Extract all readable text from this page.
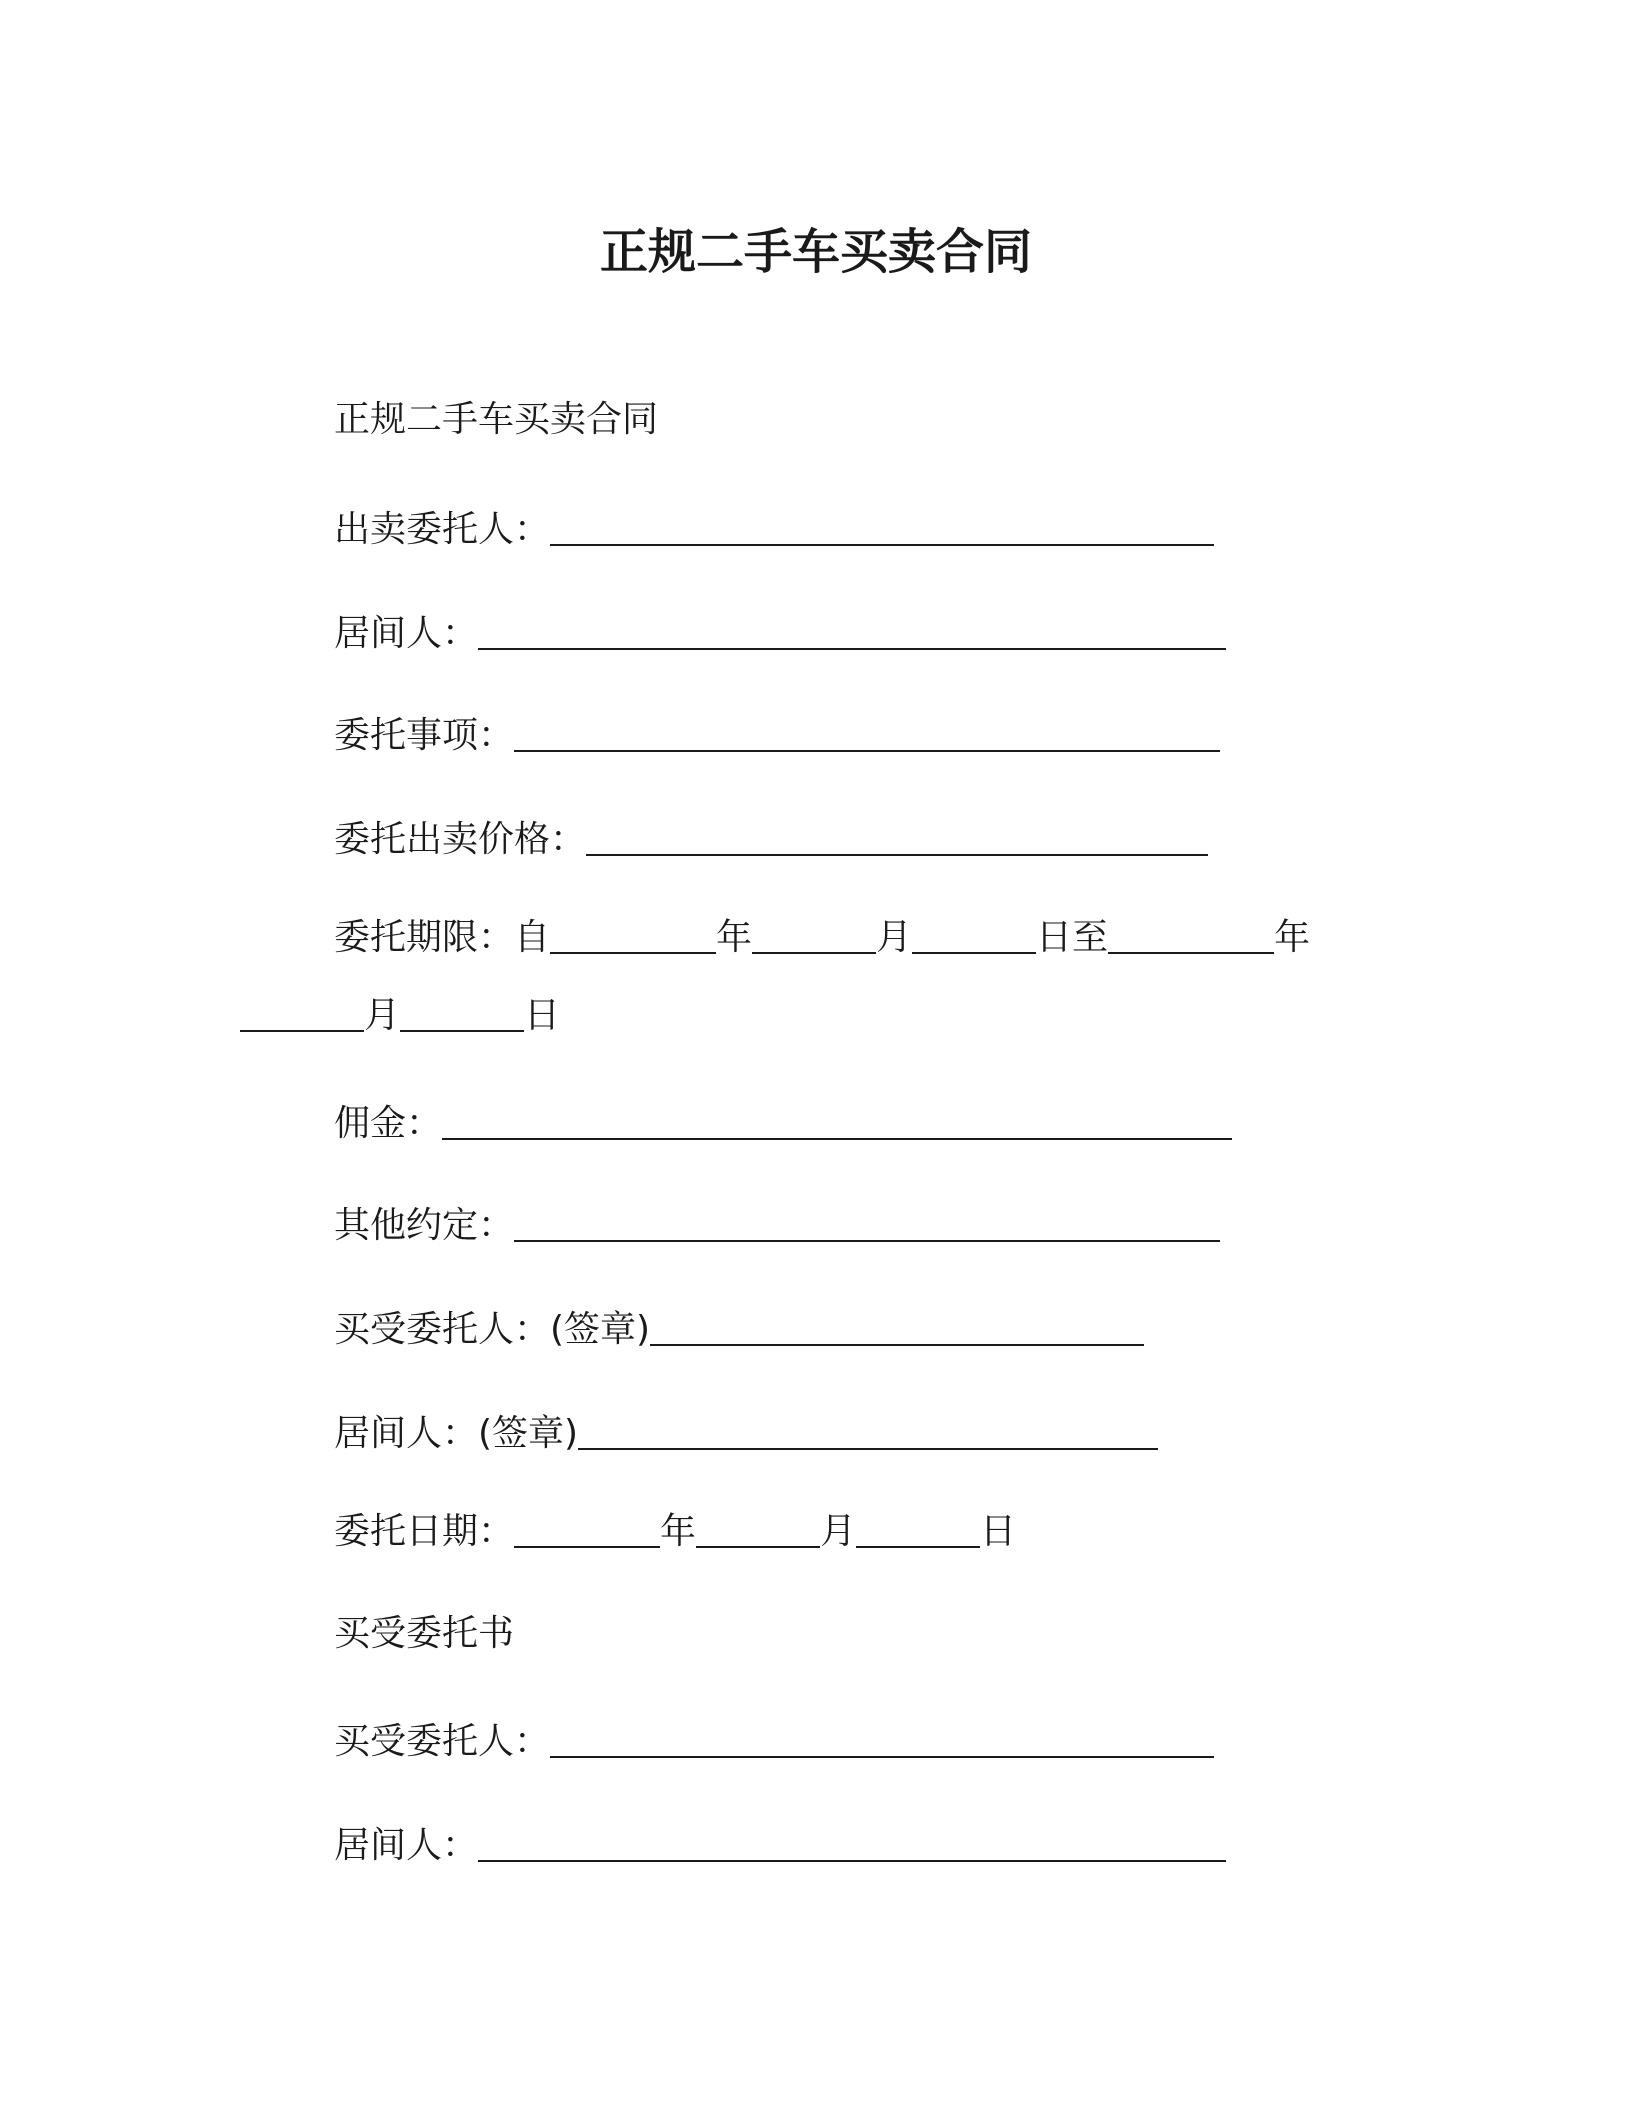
正规二手车买卖合同
正规二手车买卖合同
出卖委托人：
居间人：
委托事项：
委托出卖价格：
委托期限：自	年	月	日至	年
月	日
佣金：
其他约定：
买受委托人：(签章)
居间人：(签章)
委托日期：	年	月	日
买受委托书
买受委托人：
居间人：
